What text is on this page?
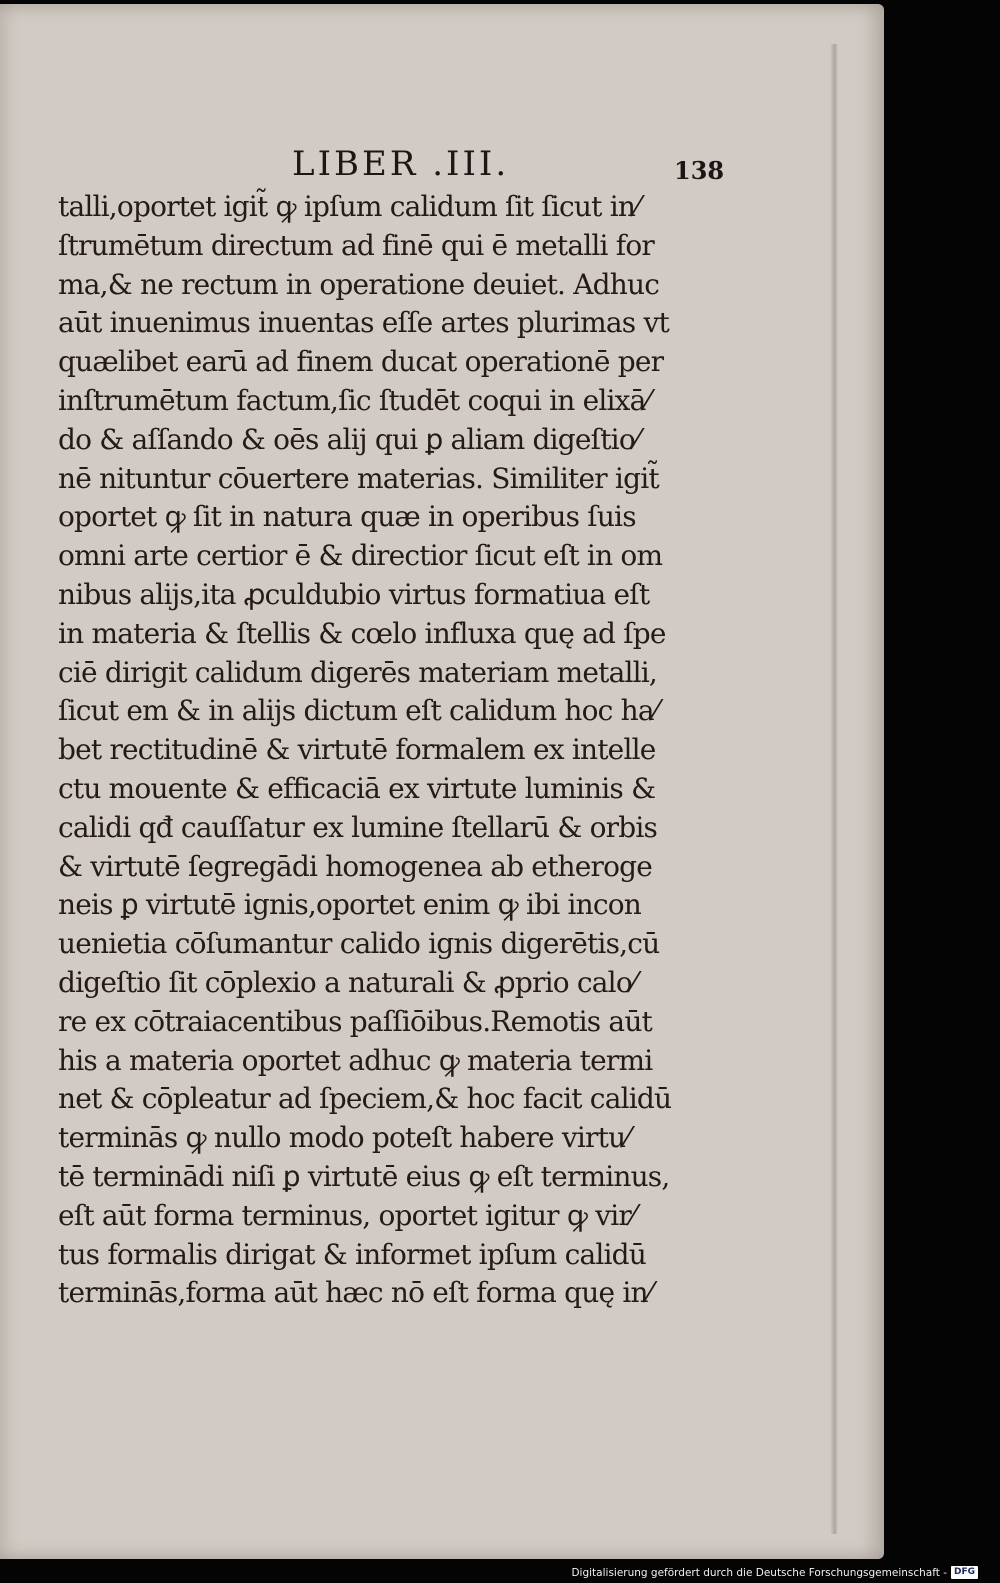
LIBER .III.	138
talli,oportet igit̃ ꝙ ipſum calidum ſit ſicut in⁄
ſtrumētum directum ad finē qui ē metalli for
ma,& ne rectum in operatione deuiet. Adhuc
aūt inuenimus inuentas eſſe artes plurimas vt
quælibet earū ad finem ducat operationē per
inſtrumētum factum,ſic ſtudēt coqui in elixā⁄
do & aſſando & oēs alij qui ꝑ aliam digeſtio⁄
nē nituntur cōuertere materias. Similiter igit̃
oportet ꝙ ſit in natura quæ in operibus ſuis
omni arte certior ē & directior ſicut eſt in om
nibus alijs,ita ꝓculdubio virtus formatiua eſt
in materia & ſtellis & cœlo influxa quę ad ſpe
ciē dirigit calidum digerēs materiam metalli,
ſicut em & in alijs dictum eſt calidum hoc ha⁄
bet rectitudinē & virtutē formalem ex intelle
ctu mouente & efficaciā ex virtute luminis &
calidi qđ cauſſatur ex lumine ſtellarū & orbis
& virtutē ſegregādi homogenea ab etheroge
neis ꝑ virtutē ignis,oportet enim ꝙ ibi incon
uenietia cōſumantur calido ignis digerētis,cū
digeſtio ſit cōplexio a naturali & ꝓprio calo⁄
re ex cōtraiacentibus paſſiōibus.Remotis aūt
his a materia oportet adhuc ꝙ materia termi
net & cōpleatur ad ſpeciem,& hoc facit calidū
terminās ꝙ nullo modo poteſt habere virtu⁄
tē terminādi niſi ꝑ virtutē eius ꝙ eſt terminus,
eſt aūt forma terminus, oportet igitur ꝙ vir⁄
tus formalis dirigat & informet ipſum calidū
terminās,forma aūt hæc nō eſt forma quę in⁄
Digitalisierung gefördert durch die Deutsche Forschungsgemeinschaft - DFG
